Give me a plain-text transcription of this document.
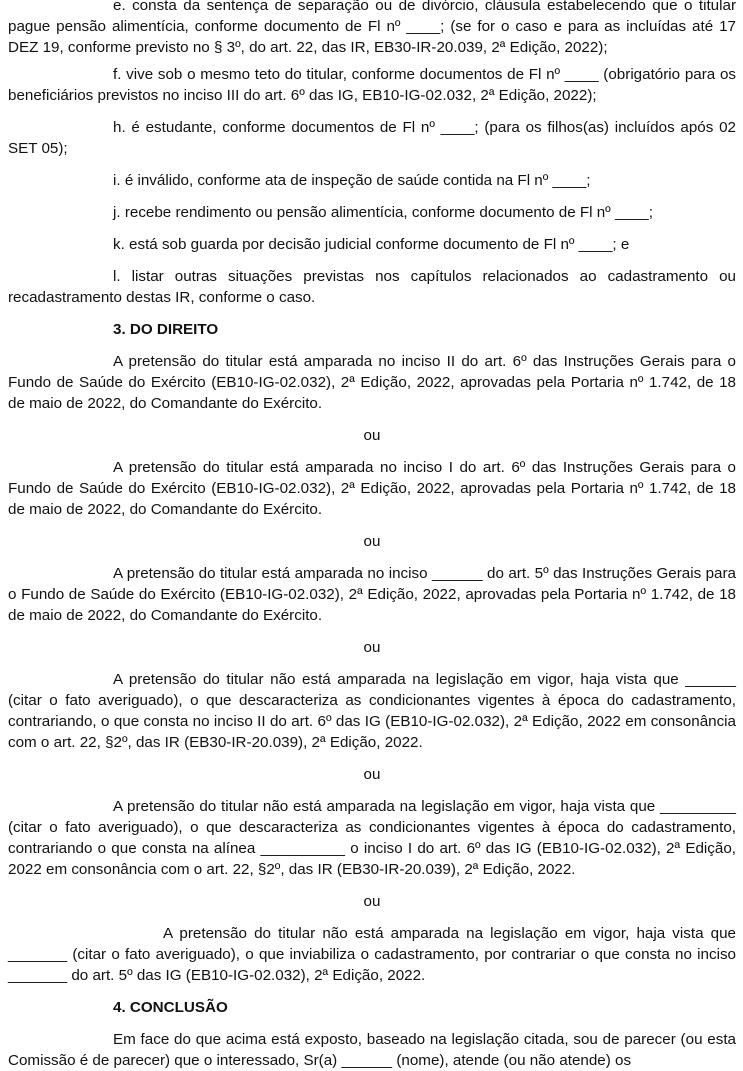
e. consta da sentença de separação ou de divórcio, cláusula estabelecendo que o titular pague pensão alimentícia, conforme documento de Fl nº ____; (se for o caso e para as incluídas até 17 DEZ 19, conforme previsto no § 3º, do art. 22, das IR, EB30-IR-20.039, 2ª Edição, 2022);

f. vive sob o mesmo teto do titular, conforme documentos de Fl nº ____ (obrigatório para os beneficiários previstos no inciso III do art. 6º das IG, EB10-IG-02.032, 2ª Edição, 2022);

h. é estudante, conforme documentos de Fl nº ____; (para os filhos(as) incluídos após 02 SET 05);

i. é inválido, conforme ata de inspeção de saúde contida na Fl nº ____;

j. recebe rendimento ou pensão alimentícia, conforme documento de Fl nº ____;

k. está sob guarda por decisão judicial conforme documento de Fl nº ____; e

l. listar outras situações previstas nos capítulos relacionados ao cadastramento ou recadastramento destas IR, conforme o caso.

3. DO DIREITO

A pretensão do titular está amparada no inciso II do art. 6º das Instruções Gerais para o Fundo de Saúde do Exército (EB10-IG-02.032), 2ª Edição, 2022, aprovadas pela Portaria nº 1.742, de 18 de maio de 2022, do Comandante do Exército.

ou

A pretensão do titular está amparada no inciso I do art. 6º das Instruções Gerais para o Fundo de Saúde do Exército (EB10-IG-02.032), 2ª Edição, 2022, aprovadas pela Portaria nº 1.742, de 18 de maio de 2022, do Comandante do Exército.

ou

A pretensão do titular está amparada no inciso ______ do art. 5º das Instruções Gerais para o Fundo de Saúde do Exército (EB10-IG-02.032), 2ª Edição, 2022, aprovadas pela Portaria nº 1.742, de 18 de maio de 2022, do Comandante do Exército.

ou

A pretensão do titular não está amparada na legislação em vigor, haja vista que ______ (citar o fato averiguado), o que descaracteriza as condicionantes vigentes à época do cadastramento, contrariando, o que consta no inciso II do art. 6º das IG (EB10-IG-02.032), 2ª Edição, 2022 em consonância com o art. 22, §2º, das IR (EB30-IR-20.039), 2ª Edição, 2022.

ou

A pretensão do titular não está amparada na legislação em vigor, haja vista que _________ (citar o fato averiguado), o que descaracteriza as condicionantes vigentes à época do cadastramento, contrariando o que consta na alínea __________ o inciso I do art. 6º das IG (EB10-IG-02.032), 2ª Edição, 2022 em consonância com o art. 22, §2º, das IR (EB30-IR-20.039), 2ª Edição, 2022.

ou

A pretensão do titular não está amparada na legislação em vigor, haja vista que _______ (citar o fato averiguado), o que inviabiliza o cadastramento, por contrariar o que consta no inciso _______ do art. 5º das IG (EB10-IG-02.032), 2ª Edição, 2022.

4. CONCLUSÃO

Em face do que acima está exposto, baseado na legislação citada, sou de parecer (ou esta Comissão é de parecer) que o interessado, Sr(a) ______ (nome), atende (ou não atende) os
